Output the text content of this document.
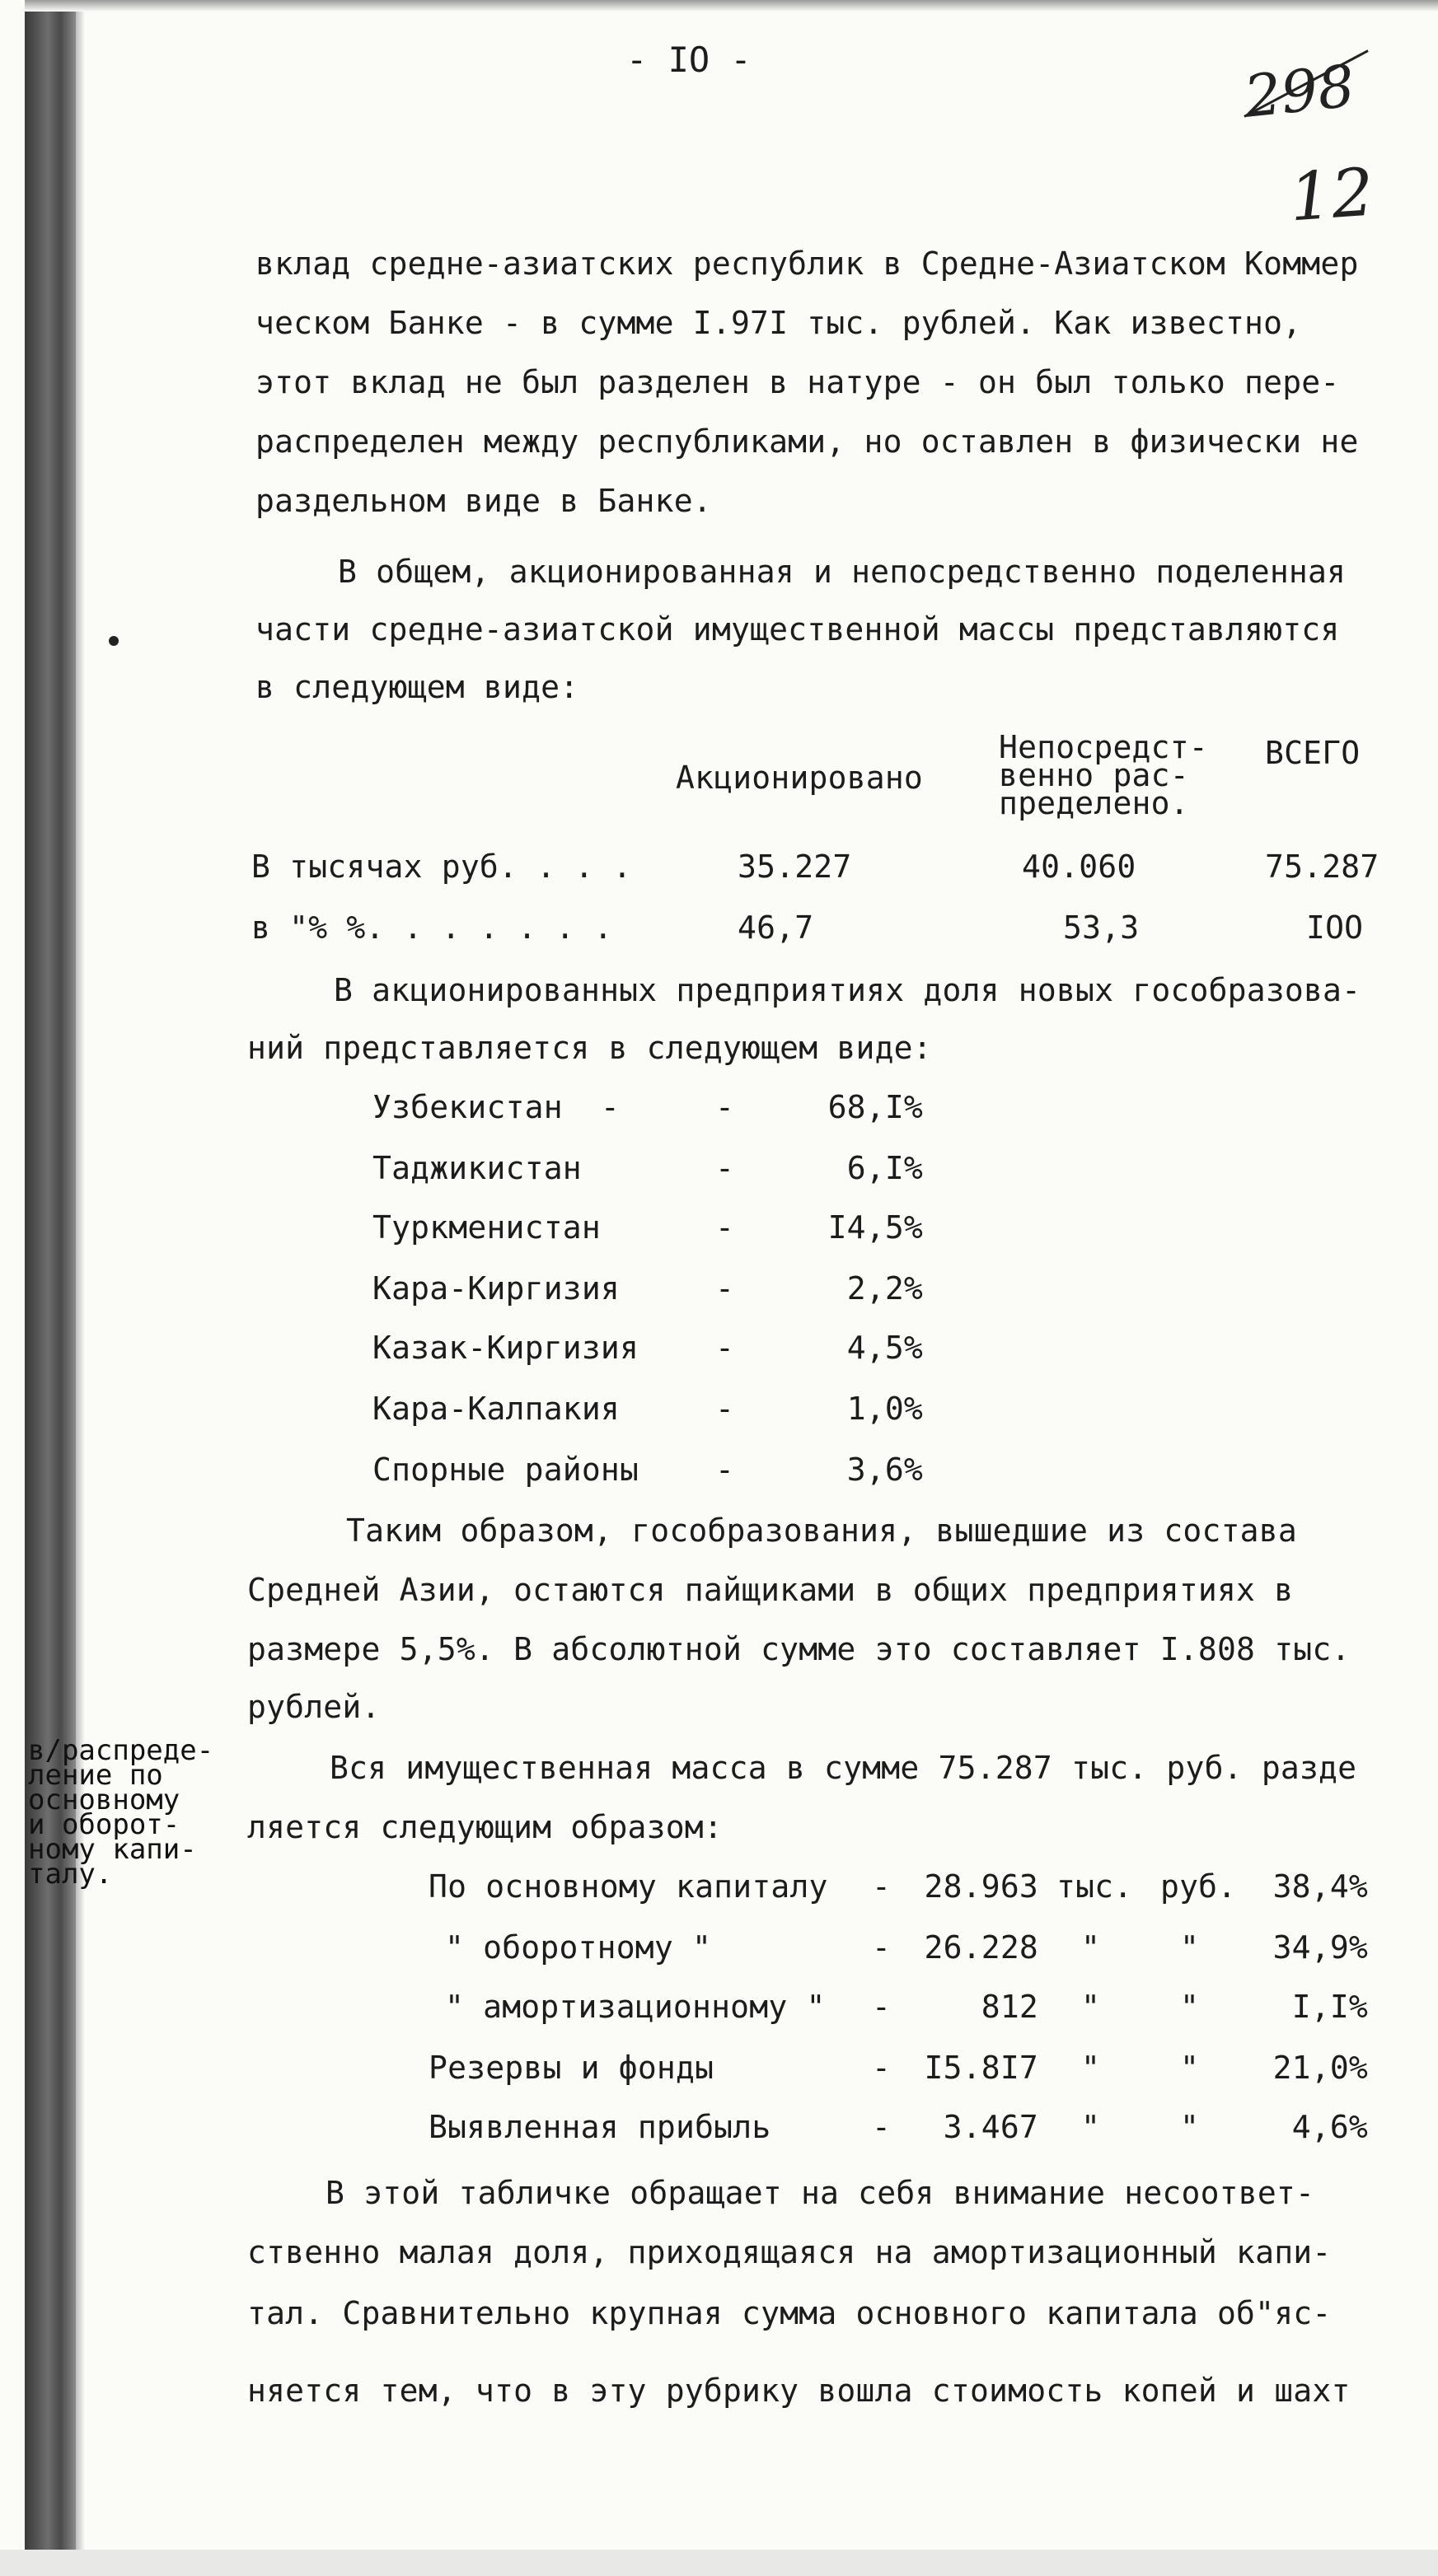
- IO -	298
12
вклад средне-азиатских республик в Средне-Азиатском Коммер
ческом Банке - в сумме I.97I тыс. рублей. Как известно,
этот вклад не был разделен в натуре - он был только пере-
распределен между республиками, но оставлен в физически не
раздельном виде в Банке.
В общем, акционированная и непосредственно поделенная
части средне-азиатской имущественной массы представляются
в следующем виде:
Акционировано
Непосредст-
венно рас-
пределено.
ВСЕГО
В тысячах руб. . . .	35.227	40.060	75.287
в "% %. . . . . . .	46,7	53,3	IOO
В акционированных предприятиях доля новых гособразова-
ний представляется в следующем виде:
Узбекистан  -	-	68,I%
Таджикистан	-	6,I%
Туркменистан	-	I4,5%
Кара-Киргизия	-	2,2%
Казак-Киргизия -	4,5%
Кара-Калпакия	-	1,0%
Спорные районы -	3,6%
Таким образом, гособразования, вышедшие из состава
Средней Азии, остаются пайщиками в общих предприятиях в
размере 5,5%. В абсолютной сумме это составляет I.808 тыс.
рублей.
в/распреде-
ление по
основному
и оборот-
ному капи-
талу.
Вся имущественная масса в сумме 75.287 тыс. руб. разде
ляется следующим образом:
По основному капиталу -	28.963 тыс. руб.	38,4%
" оборотному "	-	26.228 "	"	34,9%
" амортизационному " -	812 "	"	I,I%
Резервы и фонды	-	I5.8I7 "	"	21,0%
Выявленная прибыль	-	3.467 "	"	4,6%
В этой табличке обращает на себя внимание несоответ-
ственно малая доля, приходящаяся на амортизационный капи-
тал. Сравнительно крупная сумма основного капитала об"яс-
няется тем, что в эту рубрику вошла стоимость копей и шахт
